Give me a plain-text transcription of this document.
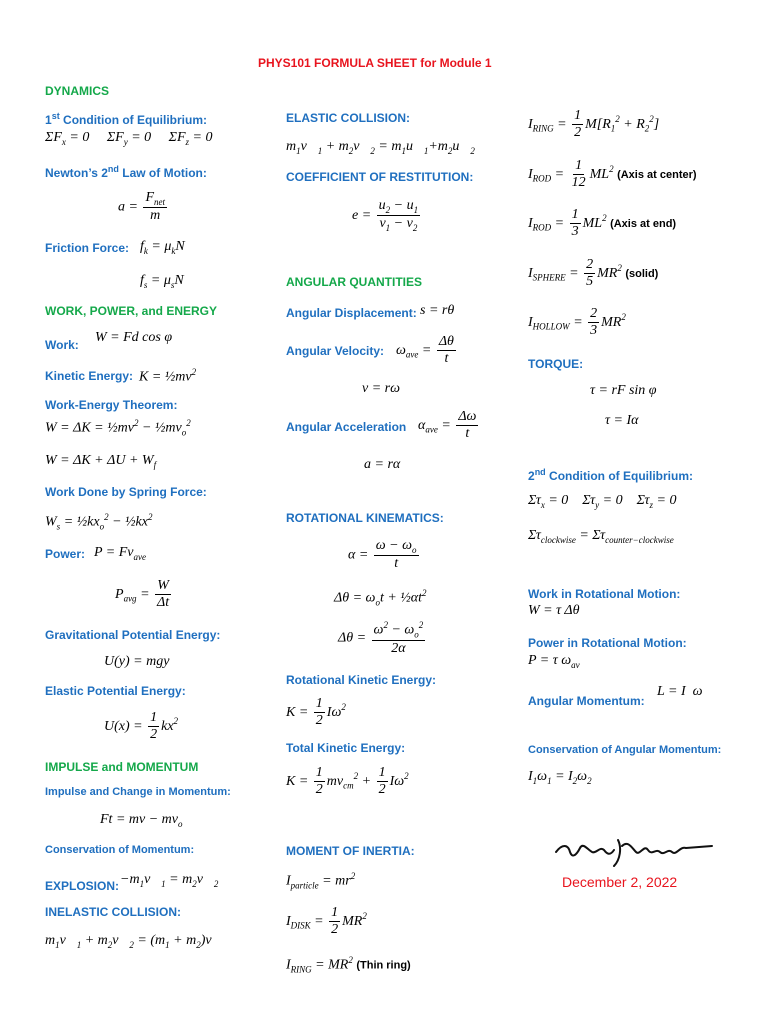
PHYS101 FORMULA SHEET for Module 1
DYNAMICS
1st Condition of Equilibrium:
$\Sigma F_x = 0$     $\Sigma F_y = 0$     $\Sigma F_z = 0$
Newton’s 2nd Law of Motion:
$a = \frac{F_{net}}{m}$
Friction Force: $f_k = \mu_kN$
$f_s = \mu_sN$
WORK, POWER, and ENERGY
W = Fd cos φ
Work:
Kinetic Energy: $K = \frac{1}{2}mv^2$
Work-Energy Theorem:
$W = \Delta K = \frac{1}{2}mv^2$ − $\frac{1}{2}mv_o^2$
$W = \Delta K + \Delta U + W_f$
Work Done by Spring Force:
$W_s$ = $\frac{1}{2}kx_o^2$ − $\frac{1}{2}kx^2$
Power: $P = Fv_{ave}$
$P_{avg} = \frac{W}{\Delta t}$
Gravitational Potential Energy:
U(y) = mgy
Elastic Potential Energy:
$U(x) = \frac{1}{2} kx^2$
IMPULSE and MOMENTUM
Impulse and Change in Momentum:
Ft = mv − $mv_o$
Conservation of Momentum:
EXPLOSION: $-m_1v⃗_1$ = $m_2v⃗_2$
INELASTIC COLLISION:
$m_1v⃗_1$ + $m_2v⃗_2 = (m_1$ + $m_2)v⃗$
ELASTIC COLLISION:
$m_1v⃗_1$ + $m_2v⃗_2$ = $m_1u⃗_1+m_2u⃗_2$
COEFFICIENT OF RESTITUTION:
$e = \frac{u_2 - u_1}{v_1 - v_2}$
ANGULAR QUANTITIES
Angular Displacement: s = rθ
Angular Velocity: $\omega_{ave} = \frac{\Delta\theta}{t}$
v = rω
Angular Acceleration $\alpha_{ave} = \frac{\Delta\omega}{t}$
a = rα
ROTATIONAL KINEMATICS:
$\alpha = \frac{\omega - \omega_o}{t}$
$\Delta\theta = \omega_ot$ + $\frac{1}{2}\alpha t^2$
$\Delta\theta = \frac{\omega^2 - \omega_o^2}{2\alpha}$
Rotational Kinetic Energy:
$K = \frac{1}{2} I\omega^2$
Total Kinetic Energy:
$K = \frac{1}{2} mv_{cm}^2 + \frac{1}{2} I\omega^2$
MOMENT OF INERTIA:
$I_{particle} = mr^2$
$I_{DISK} = \frac{1}{2} MR^2$
$I_{RING} = MR^2$ (Thin ring)
$I_{RING} = \frac{1}{2} M[R_1^2 + R_2^2]$
$I_{ROD} = \frac{1}{12} ML^2$ (Axis at center)
$I_{ROD} = \frac{1}{3} ML^2$ (Axis at end)
$I_{SPHERE} = \frac{2}{5} MR^2$ (solid)
$I_{HOLLOW} = \frac{2}{3} MR^2$
TORQUE:
τ = rF sin φ
τ = Iα
2nd Condition of Equilibrium:
$\Sigma\tau_x = 0$    $\Sigma\tau_y = 0$    $\Sigma\tau_z = 0$
$\Sigma\tau_{clockwise} = \Sigma\tau_{counter-clockwise}$
Work in Rotational Motion:
W = τ Δθ
Power in Rotational Motion:
P = τ $\omega_{av}$
Angular Momentum:
L = I  ω
Conservation of Angular Momentum:
$I_1\omega_1 = I_2\omega_2$
December 2, 2022
